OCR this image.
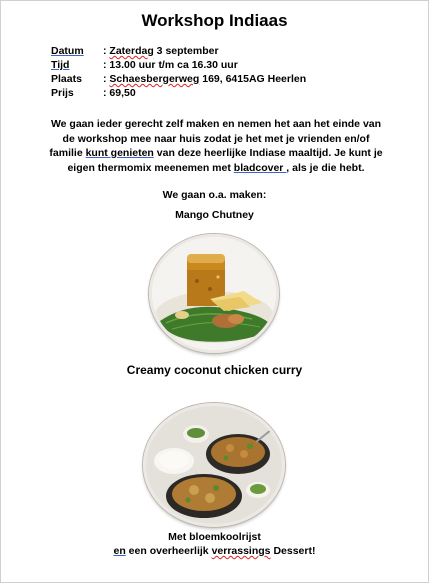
Workshop Indiaas
Datum	: Zaterdag 3 september
Tijd	: 13.00 uur t/m ca 16.30 uur
Plaats	: Schaesbergerweg 169, 6415AG Heerlen
Prijs	: 69,50
We gaan ieder gerecht zelf maken en nemen het aan het einde van
de workshop mee naar huis zodat je het met je vrienden en/of
familie kunt genieten van deze heerlijke Indiase maaltijd. Je kunt je
eigen thermomix meenemen met bladcover , als je die hebt.
We gaan o.a. maken:
Mango Chutney
Creamy coconut chicken curry
Met bloemkoolrijst
en een overheerlijk verrassings Dessert!
